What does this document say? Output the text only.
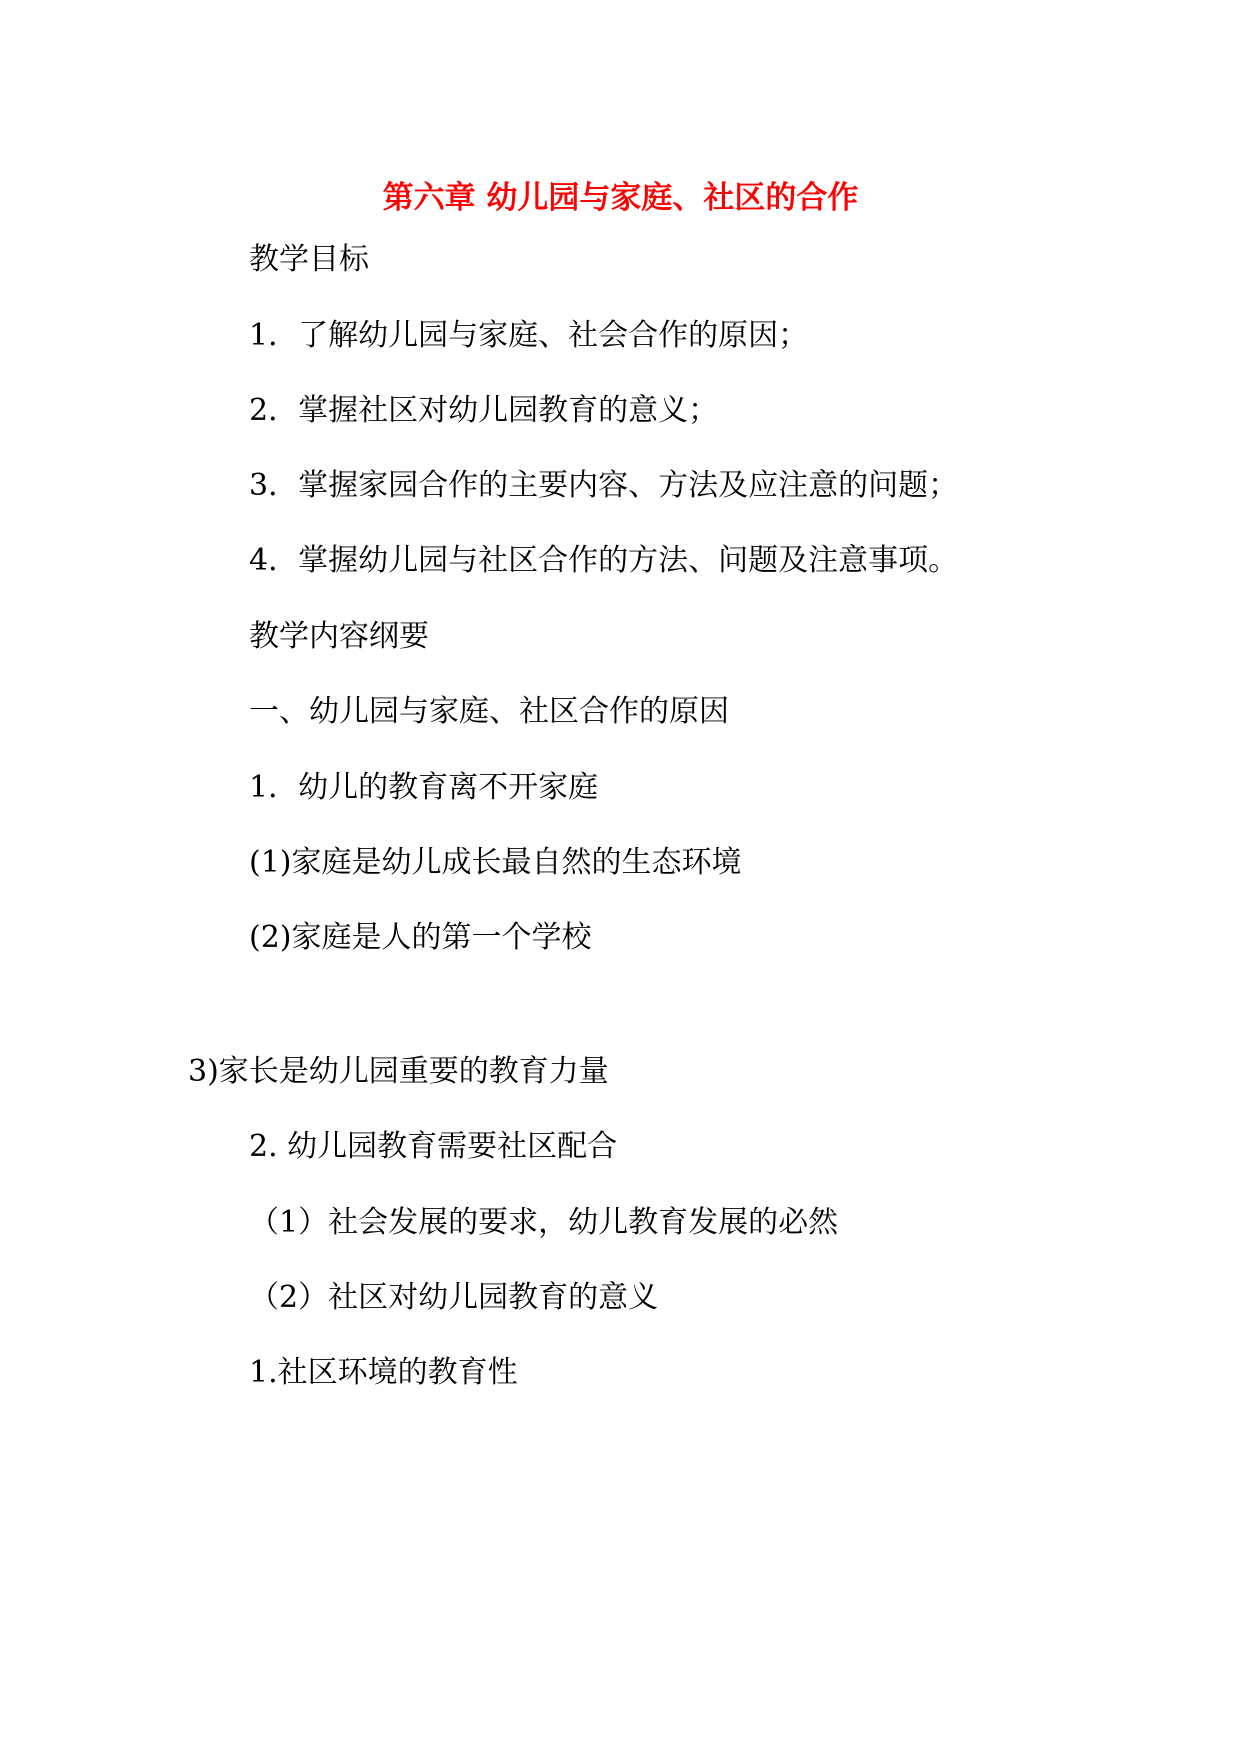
第六章 幼儿园与家庭、社区的合作
教学目标
1．了解幼儿园与家庭、社会合作的原因；
2．掌握社区对幼儿园教育的意义；
3．掌握家园合作的主要内容、方法及应注意的问题；
4．掌握幼儿园与社区合作的方法、问题及注意事项。
教学内容纲要
一、幼儿园与家庭、社区合作的原因
1．幼儿的教育离不开家庭
(1)家庭是幼儿成长最自然的生态环境
(2)家庭是人的第一个学校
3)家长是幼儿园重要的教育力量
2. 幼儿园教育需要社区配合
（1）社会发展的要求，幼儿教育发展的必然
（2）社区对幼儿园教育的意义
1.社区环境的教育性
